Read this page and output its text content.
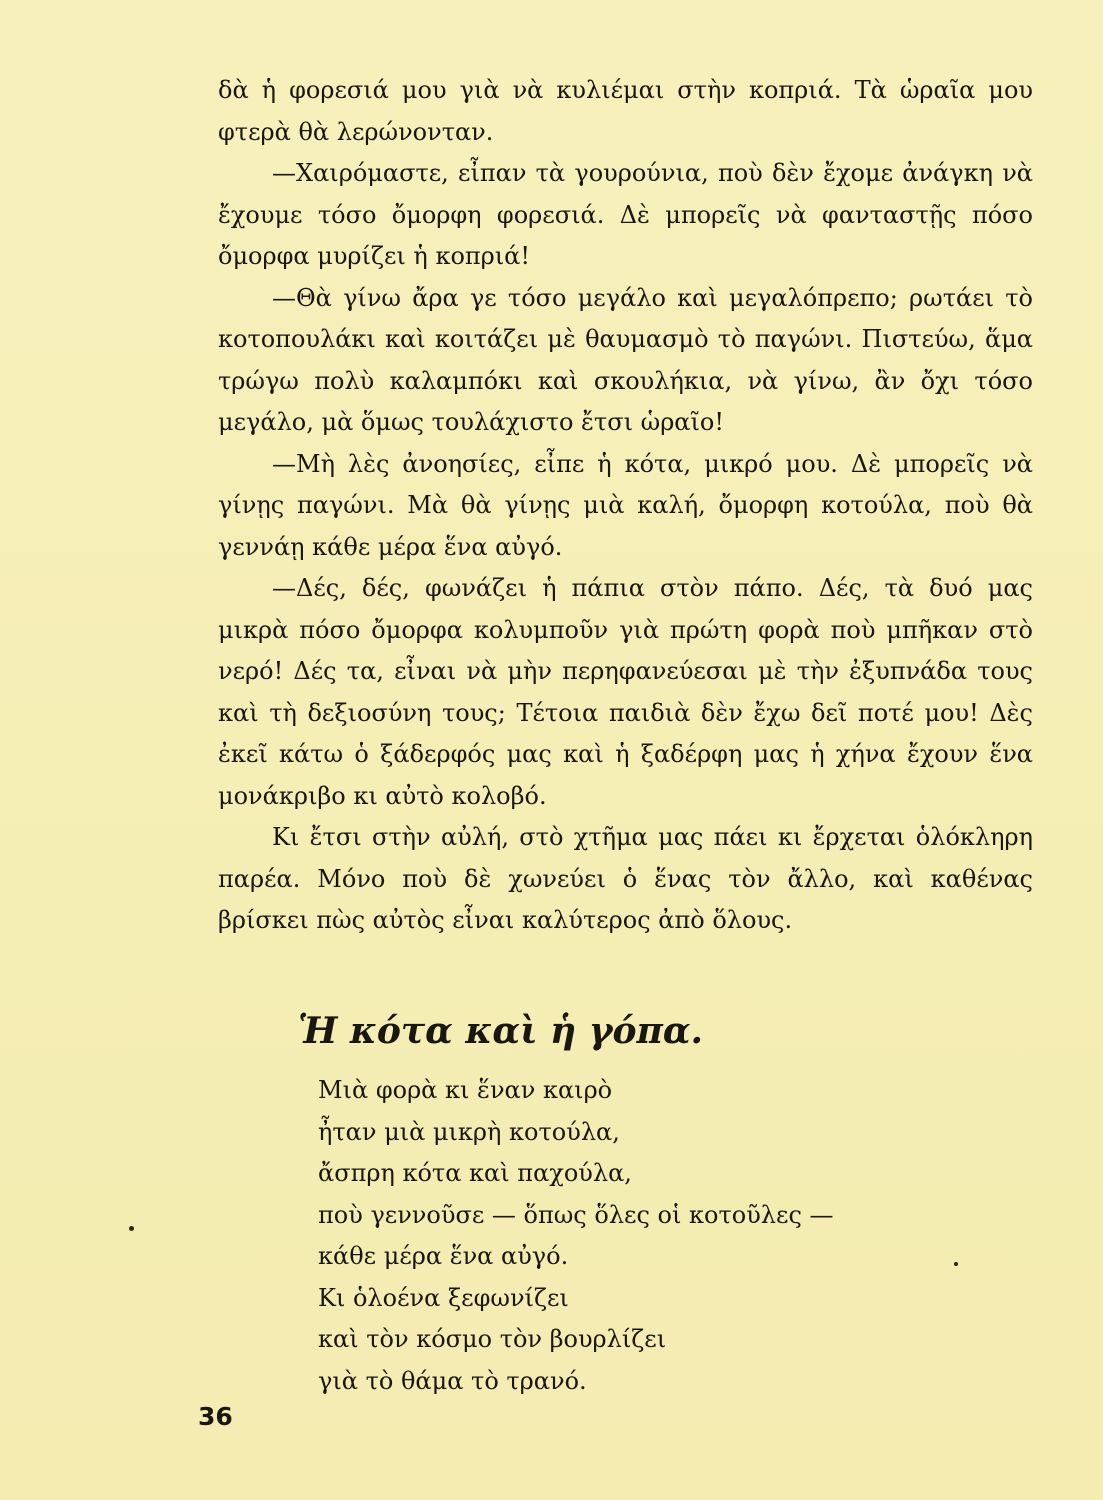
δὰ ἡ φορεσιά μου γιὰ νὰ κυλιέμαι στὴν κοπριά. Τὰ ὡραῖα μου φτερὰ θὰ λερώνονταν.

—Χαιρόμαστε, εἶπαν τὰ γουρούνια, ποὺ δὲν ἔχομε ἀνάγκη νὰ ἔχουμε τόσο ὄμορφη φορεσιά. Δὲ μπορεῖς νὰ φανταστῇς πόσο ὄμορφα μυρίζει ἡ κοπριά!

—Θὰ γίνω ἄρα γε τόσο μεγάλο καὶ μεγαλόπρεπο; ρωτάει τὸ κοτοπουλάκι καὶ κοιτάζει μὲ θαυμασμὸ τὸ παγώνι. Πιστεύω, ἅμα τρώγω πολὺ καλαμπόκι καὶ σκουλήκια, νὰ γίνω, ἂν ὄχι τόσο μεγάλο, μὰ ὅμως τουλάχιστο ἔτσι ὡραῖο!

—Μὴ λὲς ἀνοησίες, εἶπε ἡ κότα, μικρό μου. Δὲ μπορεῖς νὰ γίνῃς παγώνι. Μὰ θὰ γίνῃς μιὰ καλή, ὄμορφη κοτούλα, ποὺ θὰ γεννάῃ κάθε μέρα ἕνα αὐγό.

—Δές, δές, φωνάζει ἡ πάπια στὸν πάπο. Δές, τὰ δυό μας μικρὰ πόσο ὄμορφα κολυμποῦν γιὰ πρώτη φορὰ ποὺ μπῆκαν στὸ νερό! Δές τα, εἶναι νὰ μὴν περηφανεύεσαι μὲ τὴν ἐξυπνάδα τους καὶ τὴ δεξιοσύνη τους; Τέτοια παιδιὰ δὲν ἔχω δεῖ ποτέ μου! Δὲς ἐκεῖ κάτω ὁ ξάδερφός μας καὶ ἡ ξαδέρφη μας ἡ χήνα ἔχουν ἕνα μονάκριβο κι αὐτὸ κολοβό.

Κι ἔτσι στὴν αὐλή, στὸ χτῆμα μας πάει κι ἔρχεται ὁλόκληρη παρέα. Μόνο ποὺ δὲ χωνεύει ὁ ἕνας τὸν ἄλλο, καὶ καθένας βρίσκει πὼς αὐτὸς εἶναι καλύτερος ἀπὸ ὅλους.

Ἡ κότα καὶ ἡ γόπα.
Μιὰ φορὰ κι ἕναν καιρὸ
ἦταν μιὰ μικρὴ κοτούλα,
ἄσπρη κότα καὶ παχούλα,
ποὺ γεννοῦσε — ὅπως ὅλες οἱ κοτοῦλες —
κάθε μέρα ἕνα αὐγό.
Κι ὁλοένα ξεφωνίζει
καὶ τὸν κόσμο τὸν βουρλίζει
γιὰ τὸ θάμα τὸ τρανό.
36
